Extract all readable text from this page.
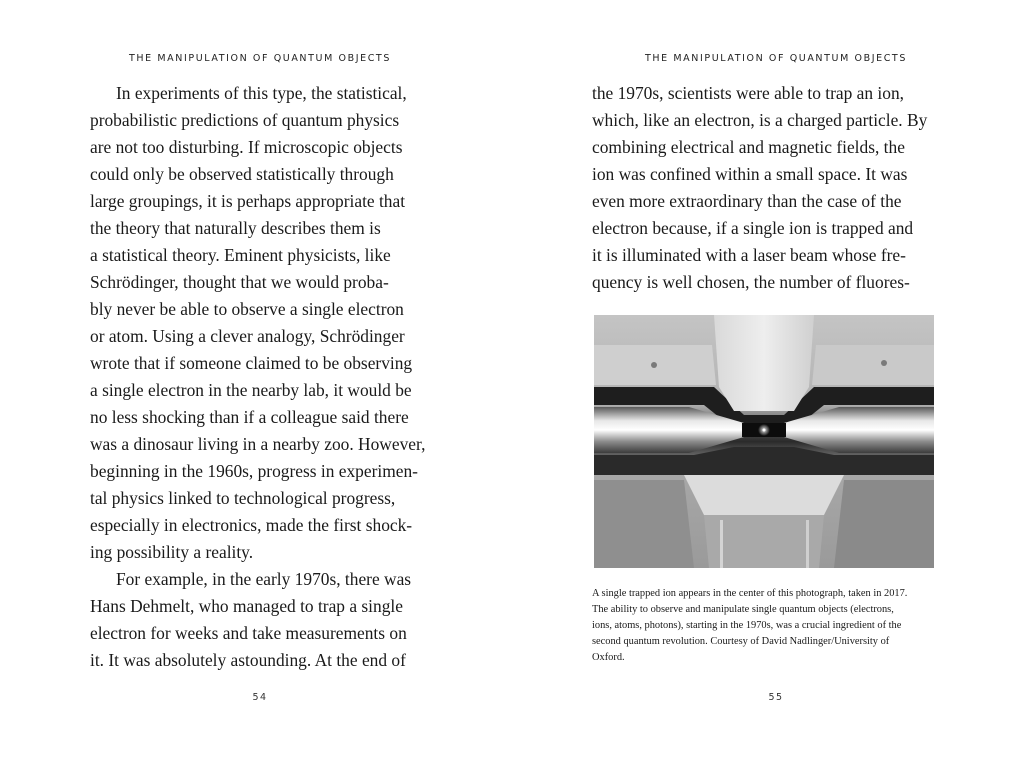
THE MANIPULATION OF QUANTUM OBJECTS

In experiments of this type, the statistical,
probabilistic predictions of quantum physics
are not too disturbing. If microscopic objects
could only be observed statistically through
large groupings, it is perhaps appropriate that
the theory that naturally describes them is
a statistical theory. Eminent physicists, like
Schrödinger, thought that we would proba-
bly never be able to observe a single electron
or atom. Using a clever analogy, Schrödinger
wrote that if someone claimed to be observing
a single electron in the nearby lab, it would be
no less shocking than if a colleague said there
was a dinosaur living in a nearby zoo. However,
beginning in the 1960s, progress in experimen-
tal physics linked to technological progress,
especially in electronics, made the first shock-
ing possibility a reality.
For example, in the early 1970s, there was
Hans Dehmelt, who managed to trap a single
electron for weeks and take measurements on
it. It was absolutely astounding. At the end of

54
THE MANIPULATION OF QUANTUM OBJECTS

the 1970s, scientists were able to trap an ion,
which, like an electron, is a charged particle. By
combining electrical and magnetic fields, the
ion was confined within a small space. It was
even more extraordinary than the case of the
electron because, if a single ion is trapped and
it is illuminated with a laser beam whose fre-
quency is well chosen, the number of fluores-

A single trapped ion appears in the center of this photograph, taken in 2017.
The ability to observe and manipulate single quantum objects (electrons,
ions, atoms, photons), starting in the 1970s, was a crucial ingredient of the
second quantum revolution. Courtesy of David Nadlinger/University of
Oxford.

55
